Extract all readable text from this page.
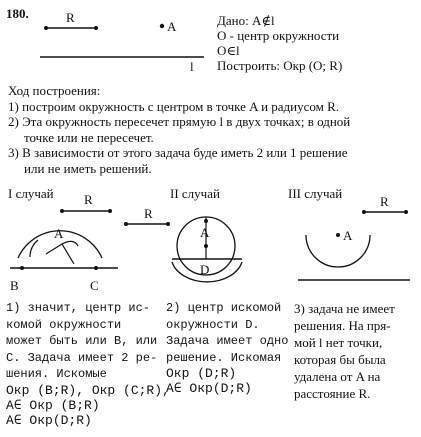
180.	R
A
l
Дано: A∉l
O - центр окружности
O∈l
Построить: Окр (O; R)
Ход построения:
1) построим окружность с центром в точке A и радиусом R.
2) Эта окружность пересечет прямую l в двух точках; в одной
точке или не пересечет.
3) В зависимости от этого задача буде иметь 2 или 1 решение
или не иметь решений.
I случай	II случай	III случай
R
A
B	C
R
A
D
R
A
1) значит, центр ис-
комой окружности
может быть или B, или
C. Задача имеет 2 ре-
шения. Искомые
Окр (B;R), Окр (C;R),
A∈ Окр (B;R)
A∈ Окр(D;R)
2) центр искомой
окружности D.
Задача имеет одно
решение. Искомая
Окр (D;R)
A∈ Окр(D;R)
3) задача не имеет
решения. На пря-
мой l нет точки,
которая бы была
удалена от A на
расстояние R.
